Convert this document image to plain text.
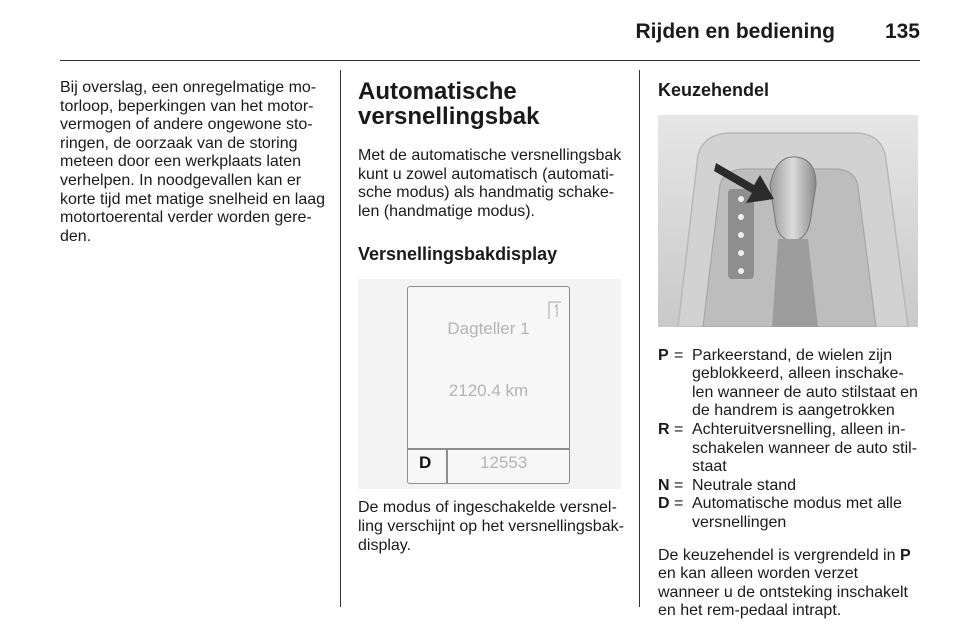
Rijden en bediening	135

Bij overslag, een onregelmatige mo-torloop, beperkingen van het motor-vermogen of andere ongewone sto-ringen, de oorzaak van de storing meteen door een werkplaats laten verhelpen. In noodgevallen kan er korte tijd met matige snelheid en laag motortoerental verder worden gere-den.

Automatische
versnellingsbak

Met de automatische versnellingsbak kunt u zowel automatisch (automati-sche modus) als handmatig schake-len (handmatige modus).

Versnellingsbakdisplay
Dagteller 1
2120.4 km
D	12553

De modus of ingeschakelde versnel-ling verschijnt op het versnellingsbak-display.

Keuzehendel
P = Parkeerstand, de wielen zijn geblokkeerd, alleen inschake-len wanneer de auto stilstaat en de handrem is aangetrokken
R = Achteruitversnelling, alleen in-schakelen wanneer de auto stil-staat
N = Neutrale stand
D = Automatische modus met alle versnellingen

De keuzehendel is vergrendeld in P en kan alleen worden verzet wanneer u de ontsteking inschakelt en het rem-pedaal intrapt.
